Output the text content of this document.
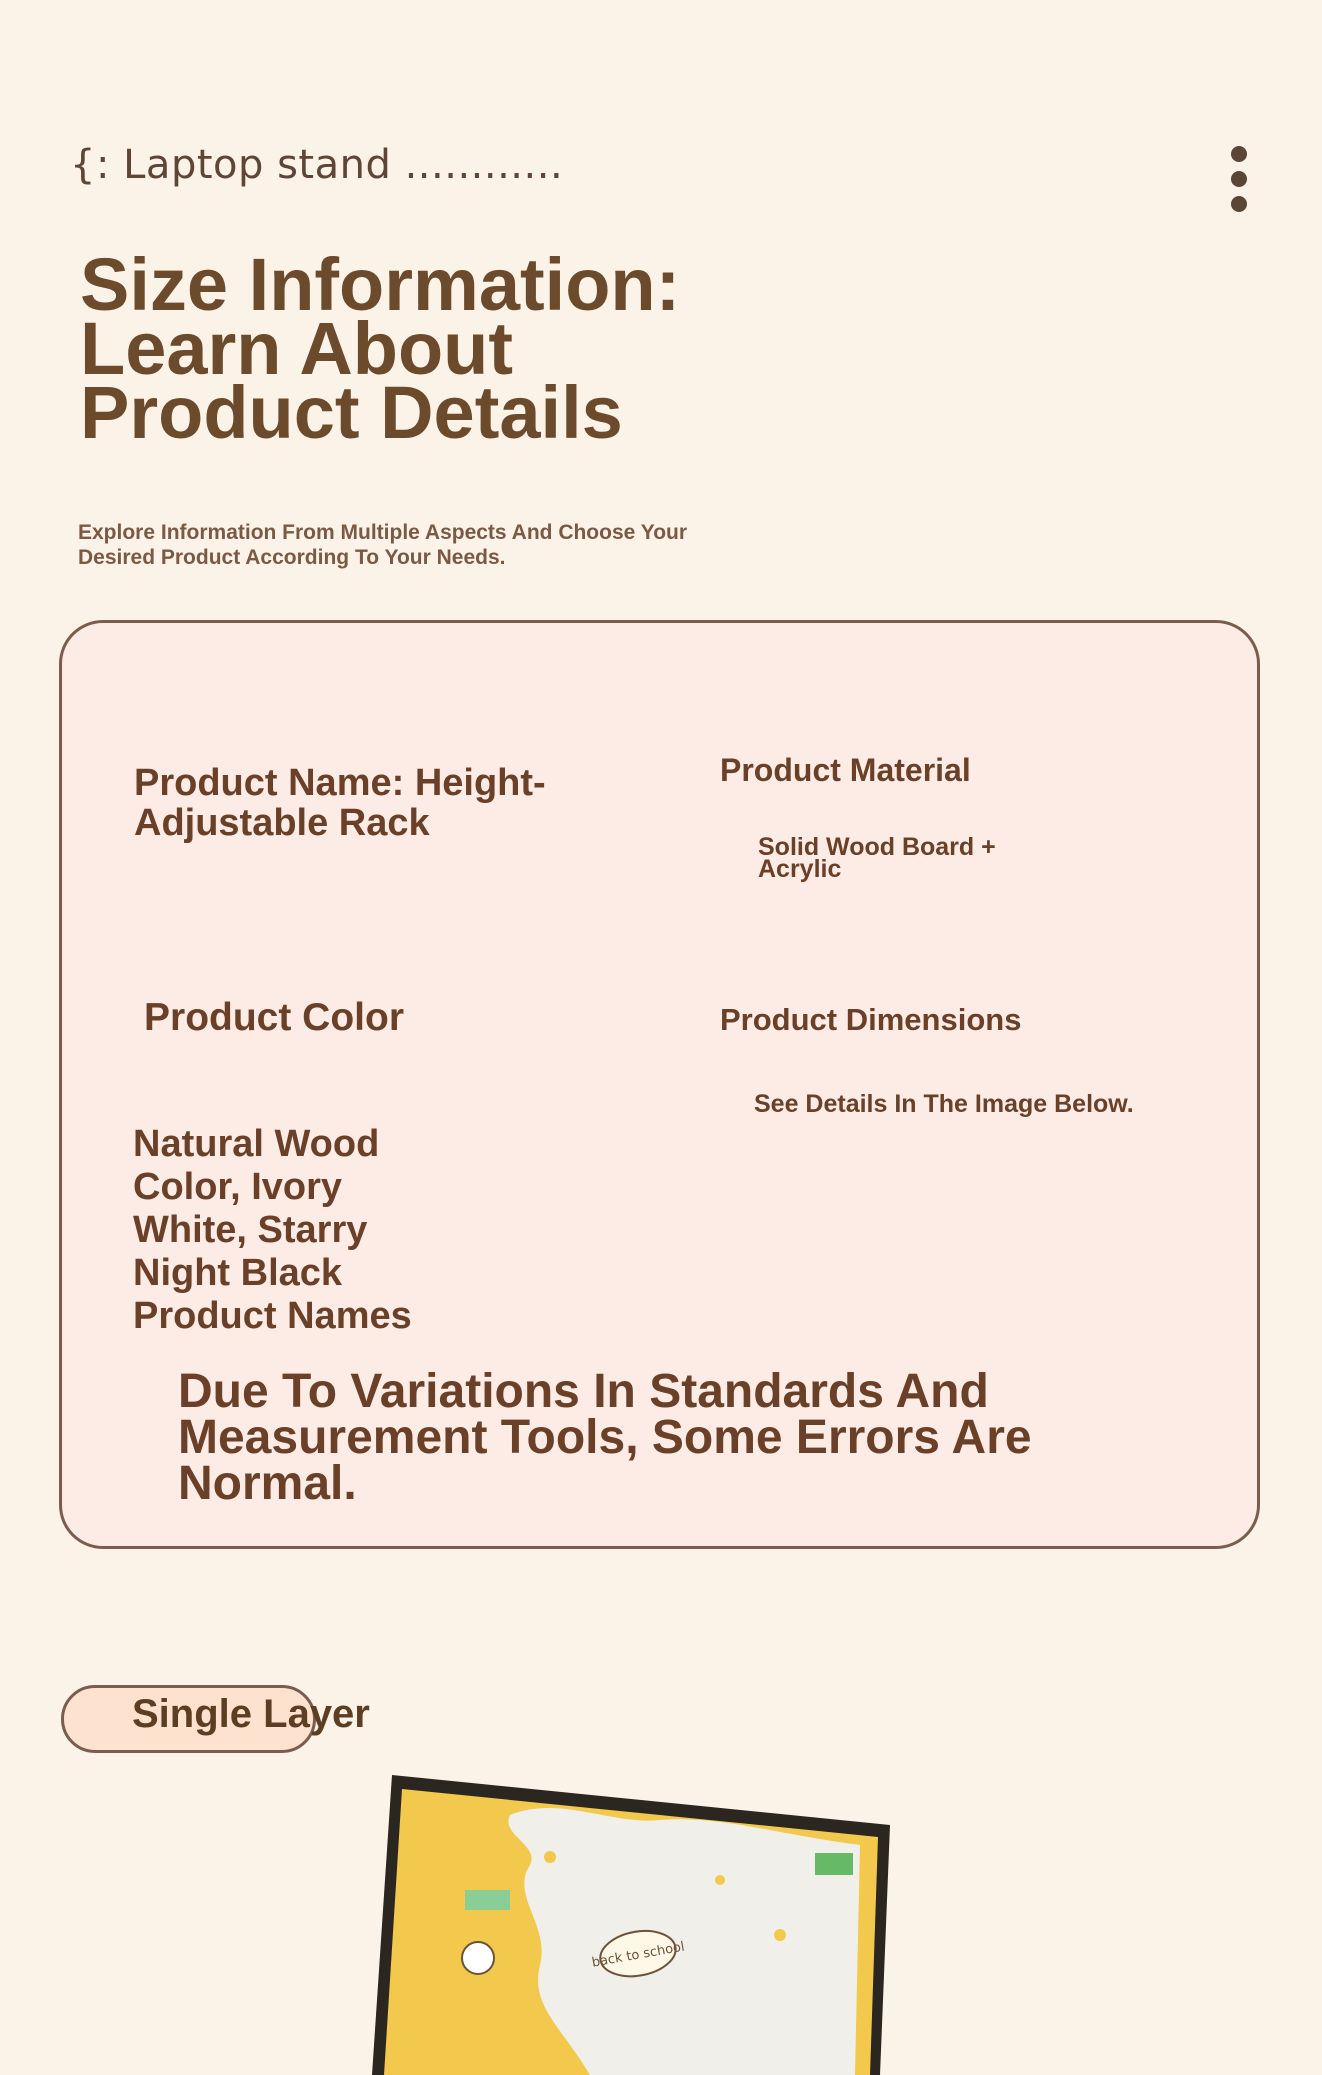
{: Laptop stand ............
Size Information: Learn About Product Details
Explore Information From Multiple Aspects And Choose Your Desired Product According To Your Needs.
Product Name: Height-Adjustable Rack
Product Material
Solid Wood Board + Acrylic
Product Color	Product Dimensions
See Details In The Image Below.
Natural Wood Color, Ivory White, Starry Night Black Product Names
Due To Variations In Standards And Measurement Tools, Some Errors Are Normal.
Single Layer
back to school
